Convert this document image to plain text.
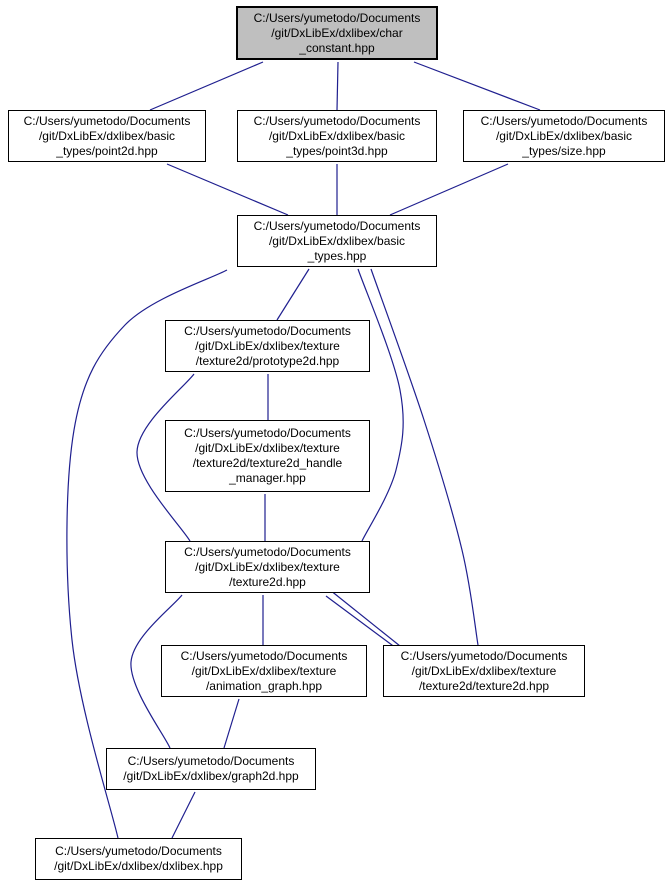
C:/Users/yumetodo/Documents
/git/DxLibEx/dxlibex/char
_constant.hpp
C:/Users/yumetodo/Documents
/git/DxLibEx/dxlibex/basic
_types/point2d.hpp
C:/Users/yumetodo/Documents
/git/DxLibEx/dxlibex/basic
_types/point3d.hpp
C:/Users/yumetodo/Documents
/git/DxLibEx/dxlibex/basic
_types/size.hpp
C:/Users/yumetodo/Documents
/git/DxLibEx/dxlibex/basic
_types.hpp
C:/Users/yumetodo/Documents
/git/DxLibEx/dxlibex/texture
/texture2d/prototype2d.hpp
C:/Users/yumetodo/Documents
/git/DxLibEx/dxlibex/texture
/texture2d/texture2d_handle
_manager.hpp
C:/Users/yumetodo/Documents
/git/DxLibEx/dxlibex/texture
/texture2d.hpp
C:/Users/yumetodo/Documents
/git/DxLibEx/dxlibex/texture
/animation_graph.hpp
C:/Users/yumetodo/Documents
/git/DxLibEx/dxlibex/texture
/texture2d/texture2d.hpp
C:/Users/yumetodo/Documents
/git/DxLibEx/dxlibex/graph2d.hpp
C:/Users/yumetodo/Documents
/git/DxLibEx/dxlibex/dxlibex.hpp
